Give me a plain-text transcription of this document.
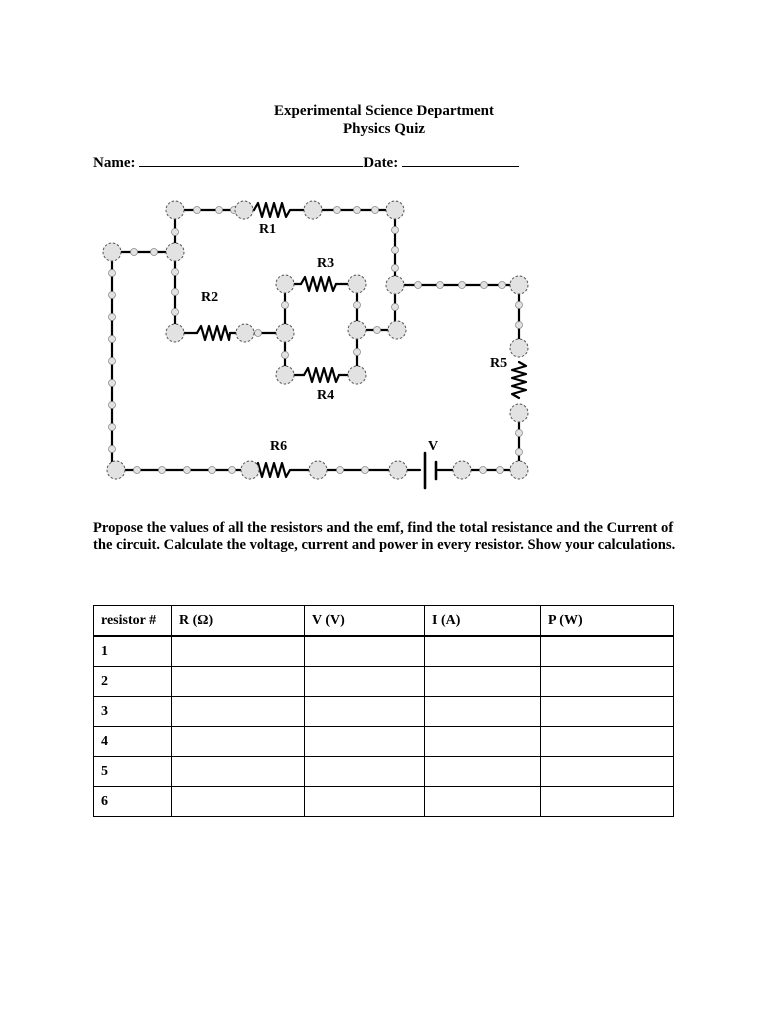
Experimental Science Department
Physics Quiz
Name:	Date:
R1
R2
R3
R4
R5
R6	V
Propose the values of all the resistors and the emf, find the total resistance and the Current of the circuit. Calculate the voltage, current and power in every resistor. Show your calculations.
resistor #	R (Ω)	V (V)	I (A)	P (W)
1				
2				
3				
4				
5				
6				
